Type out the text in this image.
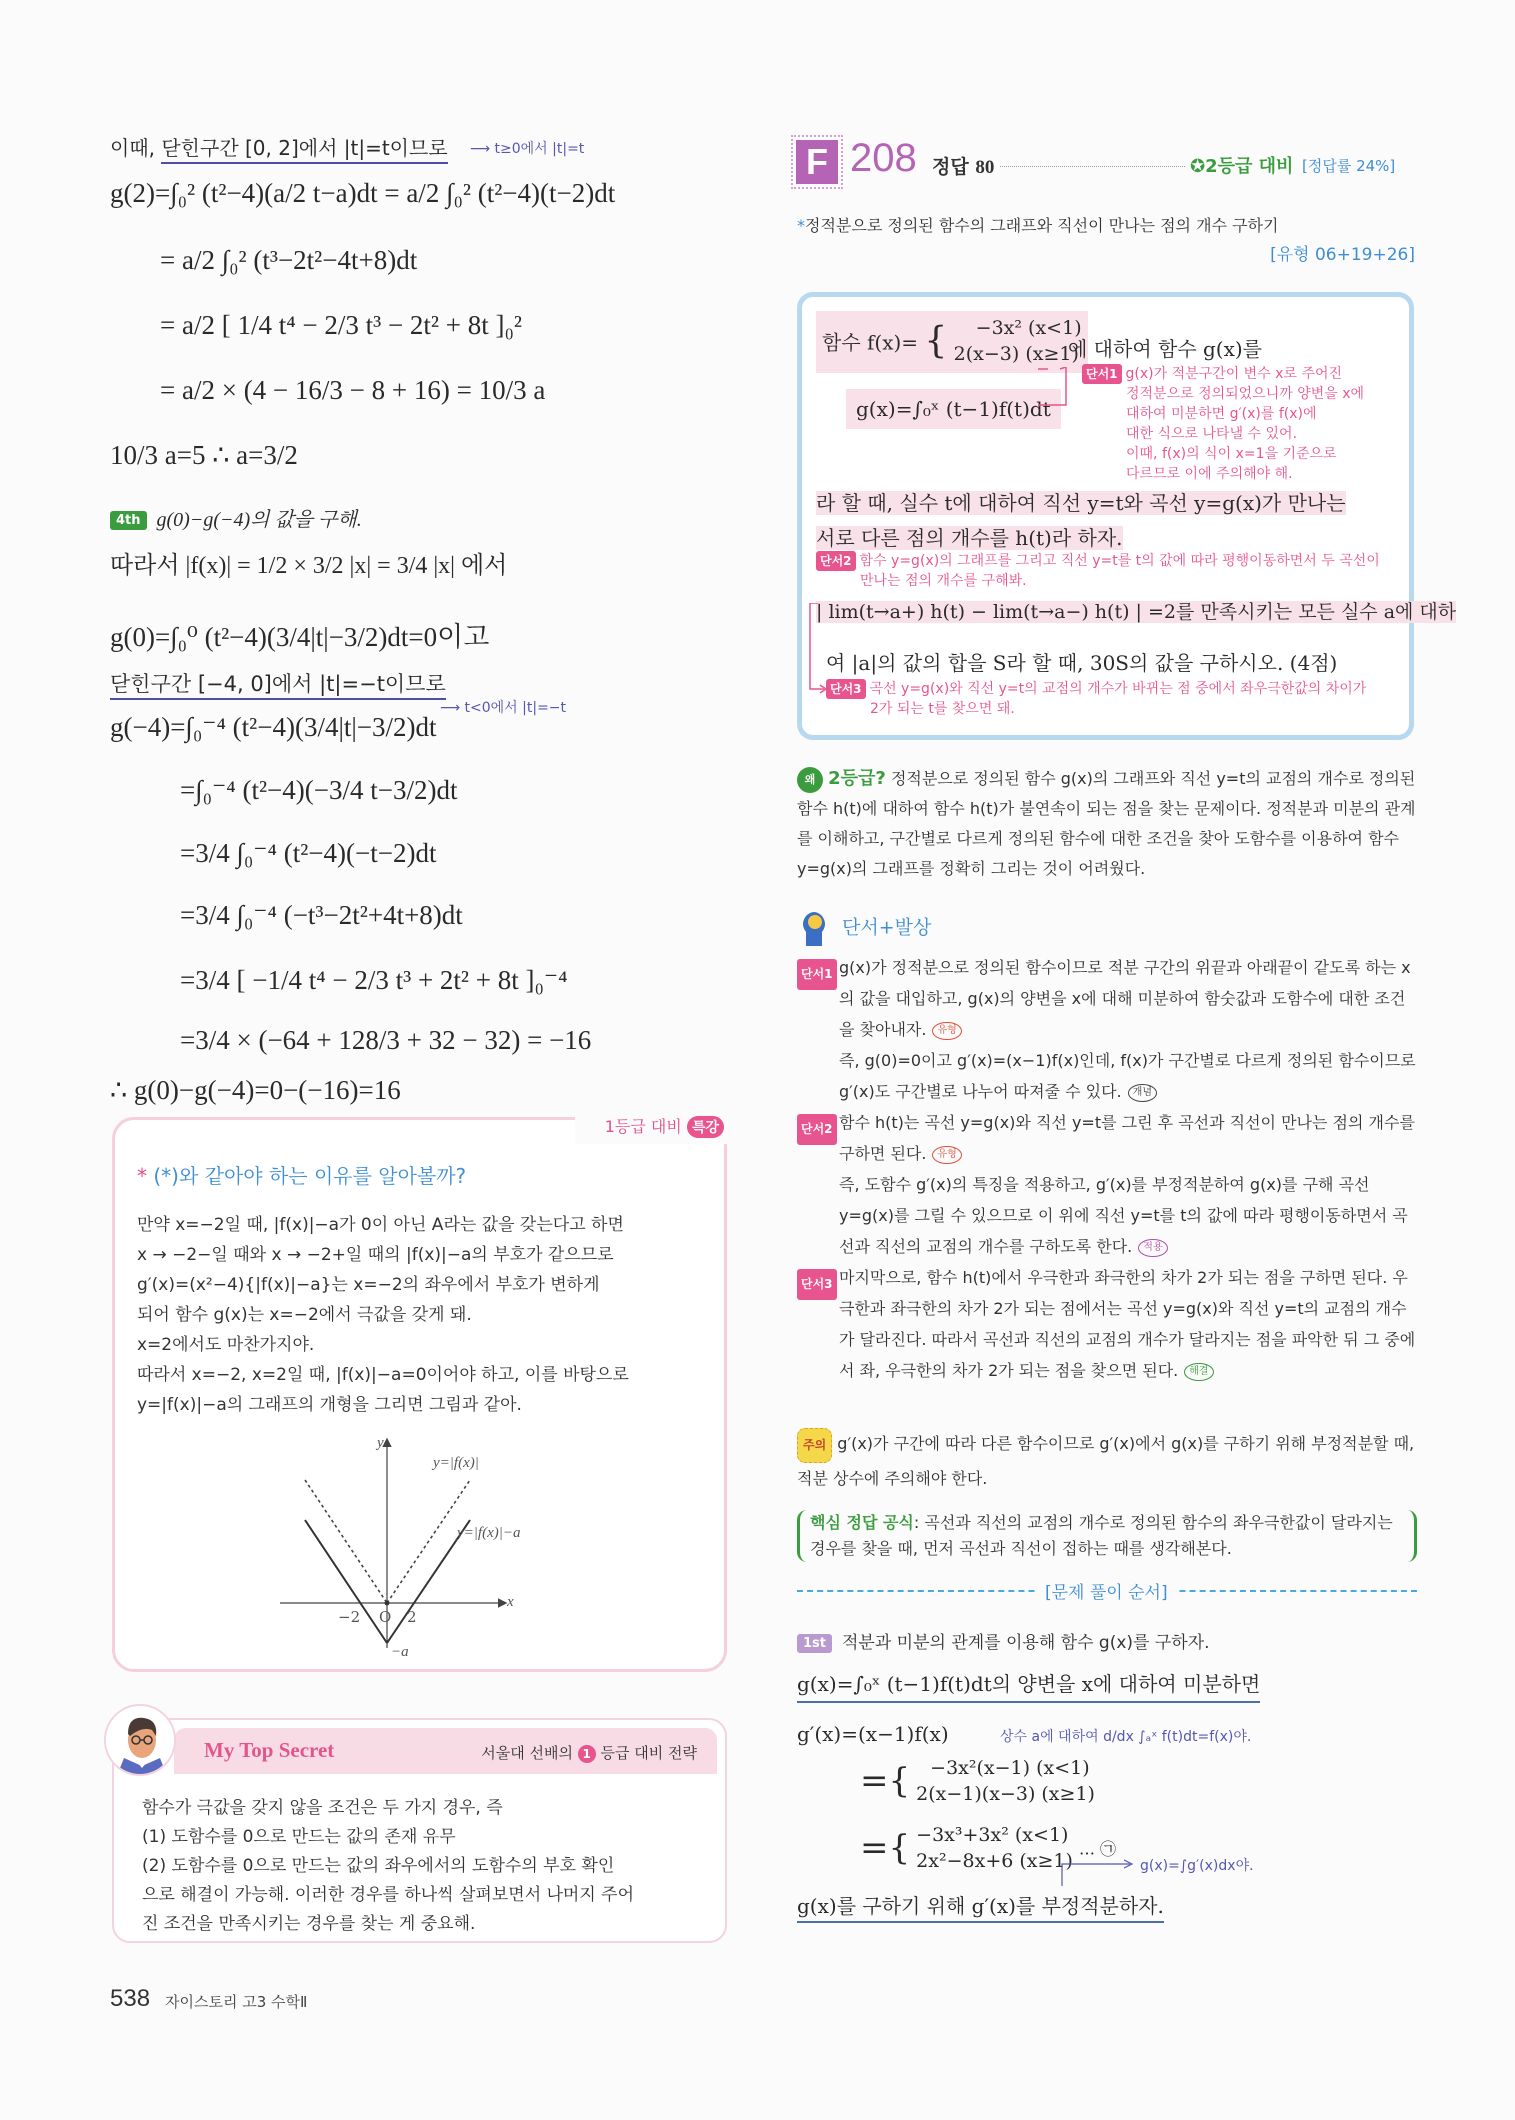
이때, 닫힌구간 [0, 2]에서 |t|=t이므로 ⟶ t≥0에서 |t|=t
g(2)=∫₀² (t²−4)(a/2 t−a)dt = a/2 ∫₀² (t²−4)(t−2)dt
= a/2 ∫₀² (t³−2t²−4t+8)dt
= a/2 [ 1/4 t⁴ − 2/3 t³ − 2t² + 8t ]₀²
= a/2 × (4 − 16/3 − 8 + 16) = 10/3 a
10/3 a=5 ∴ a=3/2
4th g(0)−g(−4)의 값을 구해.
따라서 |f(x)| = 1/2 × 3/2 |x| = 3/4 |x| 에서
g(0)=∫₀⁰ (t²−4)(3/4|t|−3/2)dt=0이고
닫힌구간 [−4, 0]에서 |t|=−t이므로
⟶ t<0에서 |t|=−t
g(−4)=∫₀⁻⁴ (t²−4)(3/4|t|−3/2)dt
=∫₀⁻⁴ (t²−4)(−3/4 t−3/2)dt
=3/4 ∫₀⁻⁴ (t²−4)(−t−2)dt
=3/4 ∫₀⁻⁴ (−t³−2t²+4t+8)dt
=3/4 [ −1/4 t⁴ − 2/3 t³ + 2t² + 8t ]₀⁻⁴
=3/4 × (−64 + 128/3 + 32 − 32) = −16
∴ g(0)−g(−4)=0−(−16)=16
1등급 대비 특강
* (*)와 같아야 하는 이유를 알아볼까?
만약 x=−2일 때, |f(x)|−a가 0이 아닌 A라는 값을 갖는다고 하면
x → −2−일 때와 x → −2+일 때의 |f(x)|−a의 부호가 같으므로
g′(x)=(x²−4){|f(x)|−a}는 x=−2의 좌우에서 부호가 변하게
되어 함수 g(x)는 x=−2에서 극값을 갖게 돼.
x=2에서도 마찬가지야.
따라서 x=−2, x=2일 때, |f(x)|−a=0이어야 하고, 이를 바탕으로
y=|f(x)|−a의 그래프의 개형을 그리면 그림과 같아.
y
x
O
−2	2
−a
y=|f(x)|
y=|f(x)|−a
My Top Secret	서울대 선배의 1 등급 대비 전략
함수가 극값을 갖지 않을 조건은 두 가지 경우, 즉
(1) 도함수를 0으로 만드는 값의 존재 유무
(2) 도함수를 0으로 만드는 값의 좌우에서의 도함수의 부호 확인
으로 해결이 가능해. 이러한 경우를 하나씩 살펴보면서 나머지 주어
진 조건을 만족시키는 경우를 찾는 게 중요해.
538 자이스토리 고3 수학Ⅱ
F 208 정답 80	✪2등급 대비 [정답률 24%]
*정적분으로 정의된 함수의 그래프와 직선이 만나는 점의 개수 구하기
[유형 06+19+26]
함수 f(x)= {	−3x² (x<1)
2(x−3) (x≥1)
에 대하여 함수 g(x)를
g(x)=∫₀ˣ (t−1)f(t)dt
단서1 g(x)가 적분구간이 변수 x로 주어진
정적분으로 정의되었으니까 양변을 x에
대하여 미분하면 g′(x)를 f(x)에
대한 식으로 나타낼 수 있어.
이때, f(x)의 식이 x=1을 기준으로
다르므로 이에 주의해야 해.
라 할 때, 실수 t에 대하여 직선 y=t와 곡선 y=g(x)가 만나는
서로 다른 점의 개수를 h(t)라 하자.
단서2 함수 y=g(x)의 그래프를 그리고 직선 y=t를 t의 값에 따라 평행이동하면서 두 곡선이
만나는 점의 개수를 구해봐.
| lim(t→a+) h(t) − lim(t→a−) h(t) | =2를 만족시키는 모든 실수 a에 대하
여 |a|의 값의 합을 S라 할 때, 30S의 값을 구하시오. (4점)
단서3 곡선 y=g(x)와 직선 y=t의 교점의 개수가 바뀌는 점 중에서 좌우극한값의 차이가
2가 되는 t를 찾으면 돼.
왜 2등급? 정적분으로 정의된 함수 g(x)의 그래프와 직선 y=t의 교점의 개수로 정의된 함수 h(t)에 대하여 함수 h(t)가 불연속이 되는 점을 찾는 문제이다. 정적분과 미분의 관계를 이해하고, 구간별로 다르게 정의된 함수에 대한 조건을 찾아 도함수를 이용하여 함수 y=g(x)의 그래프를 정확히 그리는 것이 어려웠다.
단서+발상
단서1 g(x)가 정적분으로 정의된 함수이므로 적분 구간의 위끝과 아래끝이 같도록 하는 x의 값을 대입하고, g(x)의 양변을 x에 대해 미분하여 함숫값과 도함수에 대한 조건을 찾아내자. 유형
즉, g(0)=0이고 g′(x)=(x−1)f(x)인데, f(x)가 구간별로 다르게 정의된 함수이므로 g′(x)도 구간별로 나누어 따져줄 수 있다. 개념
단서2 함수 h(t)는 곡선 y=g(x)와 직선 y=t를 그린 후 곡선과 직선이 만나는 점의 개수를 구하면 된다. 유형
즉, 도함수 g′(x)의 특징을 적용하고, g′(x)를 부정적분하여 g(x)를 구해 곡선 y=g(x)를 그릴 수 있으므로 이 위에 직선 y=t를 t의 값에 따라 평행이동하면서 곡선과 직선의 교점의 개수를 구하도록 한다. 적용
단서3 마지막으로, 함수 h(t)에서 우극한과 좌극한의 차가 2가 되는 점을 구하면 된다. 우극한과 좌극한의 차가 2가 되는 점에서는 곡선 y=g(x)와 직선 y=t의 교점의 개수가 달라진다. 따라서 곡선과 직선의 교점의 개수가 달라지는 점을 파악한 뒤 그 중에서 좌, 우극한의 차가 2가 되는 점을 찾으면 된다. 해결
주의 g′(x)가 구간에 따라 다른 함수이므로 g′(x)에서 g(x)를 구하기 위해 부정적분할 때, 적분 상수에 주의해야 한다.
핵심 정답 공식: 곡선과 직선의 교점의 개수로 정의된 함수의 좌우극한값이 달라지는 경우를 찾을 때, 먼저 곡선과 직선이 접하는 때를 생각해본다.
[문제 풀이 순서]
1st 적분과 미분의 관계를 이용해 함수 g(x)를 구하자.
g(x)=∫₀ˣ (t−1)f(t)dt의 양변을 x에 대하여 미분하면
g′(x)=(x−1)f(x)	상수 a에 대하여 d/dx ∫ₐˣ f(t)dt=f(x)야.
={	−3x²(x−1) (x<1)
2(x−1)(x−3) (x≥1)
={ −3x³+3x² (x<1)
2x²−8x+6 (x≥1)
… ㉠
g(x)=∫g′(x)dx야.
g(x)를 구하기 위해 g′(x)를 부정적분하자.
